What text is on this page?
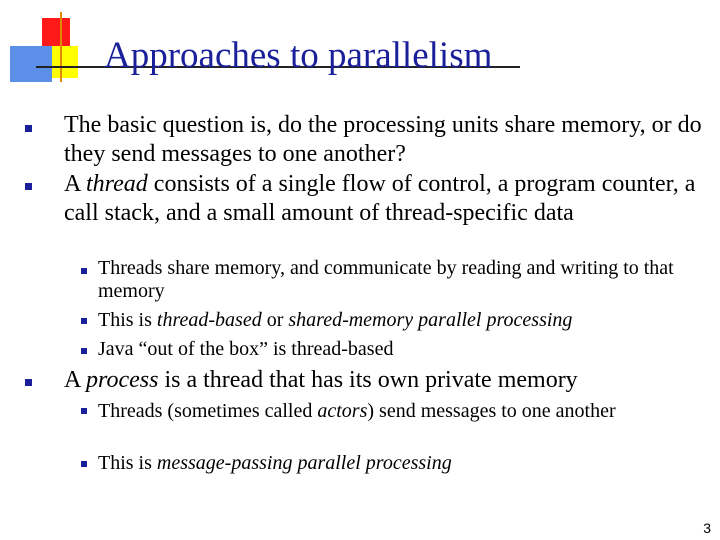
Approaches to parallelism
The basic question is, do the processing units share memory, or do they send messages to one another?
A thread consists of a single flow of control, a program counter, a call stack, and a small amount of thread-specific data
Threads share memory, and communicate by reading and writing to that memory
This is thread-based or shared-memory parallel processing
Java “out of the box” is thread-based
A process is a thread that has its own private memory
Threads (sometimes called actors) send messages to one another
This is message-passing parallel processing
3
